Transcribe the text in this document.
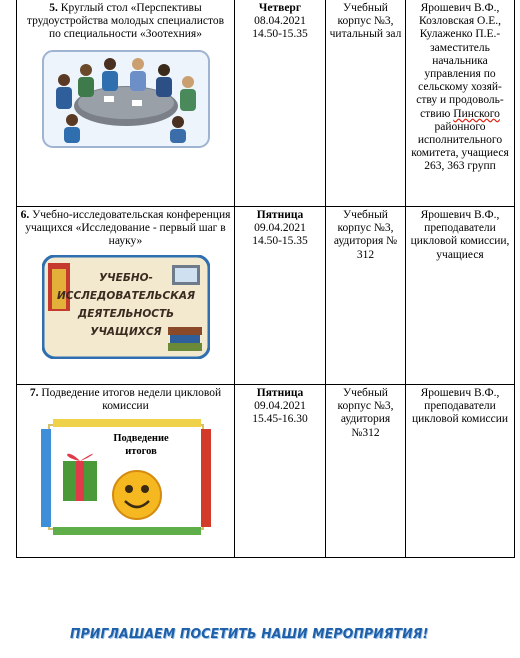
5. Круглый стол «Перспективы трудоустройства молодых специалистов по специальности «Зоотехния»	Четверг
08.04.2021
14.50-15.35	Учебный корпус №3, читальный зал	Ярошевич В.Ф., Козловская О.Е., Кулаженко П.Е.- заместитель начальника управления по сельскому хозяй-ству и продоволь-ствию Пинского районного исполнительного комитета, учащиеся 263, 363 групп

6. Учебно-исследовательская конференция учащихся «Исследование - первый шаг в науку»
УЧЕБНО-
ИССЛЕДОВАТЕЛЬСКАЯ
ДЕЯТЕЛЬНОСТЬ
УЧАЩИХСЯ	Пятница
09.04.2021
14.50-15.35	Учебный корпус №3, аудитория № 312	Ярошевич В.Ф., преподаватели цикловой комиссии, учащиеся

7. Подведение итогов недели цикловой комиссии
Подведение
итогов	Пятница
09.04.2021
15.45-16.30	Учебный корпус №3, аудитория №312	Ярошевич В.Ф., преподаватели цикловой комиссии
ПРИГЛАШАЕМ ПОСЕТИТЬ НАШИ МЕРОПРИЯТИЯ!
